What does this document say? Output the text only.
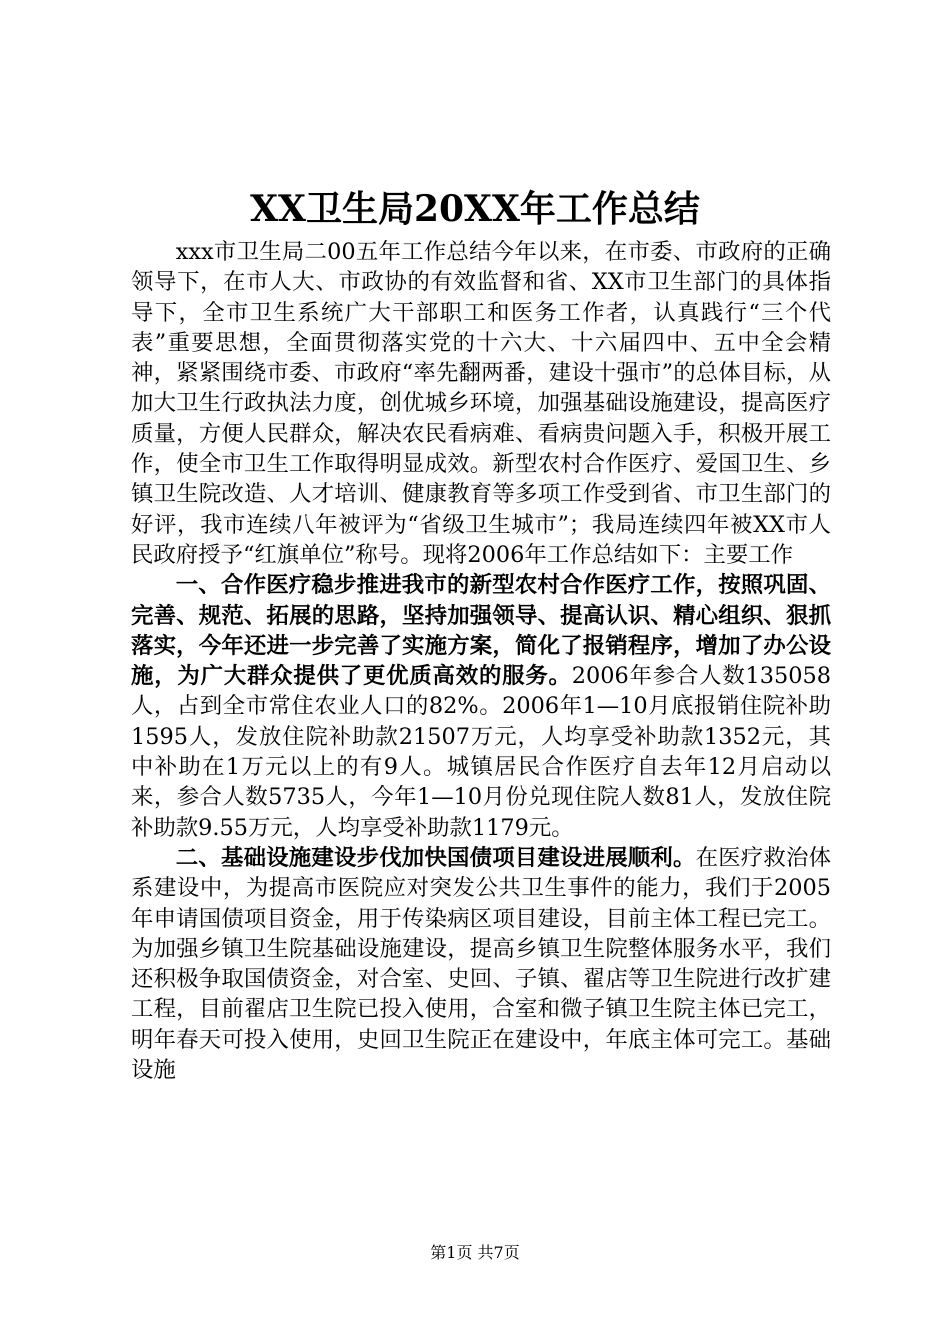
XX卫生局20XX年工作总结

xxx市卫生局二00五年工作总结今年以来，在市委、市政府的正确领导下，在市人大、市政协的有效监督和省、XX市卫生部门的具体指导下，全市卫生系统广大干部职工和医务工作者，认真践行“三个代表”重要思想，全面贯彻落实党的十六大、十六届四中、五中全会精神，紧紧围绕市委、市政府“率先翻两番，建设十强市”的总体目标，从加大卫生行政执法力度，创优城乡环境，加强基础设施建设，提高医疗质量，方便人民群众，解决农民看病难、看病贵问题入手，积极开展工作，使全市卫生工作取得明显成效。新型农村合作医疗、爱国卫生、乡镇卫生院改造、人才培训、健康教育等多项工作受到省、市卫生部门的好评，我市连续八年被评为“省级卫生城市”；我局连续四年被XX市人民政府授予“红旗单位”称号。现将2006年工作总结如下：主要工作

一、合作医疗稳步推进我市的新型农村合作医疗工作，按照巩固、完善、规范、拓展的思路，坚持加强领导、提高认识、精心组织、狠抓落实，今年还进一步完善了实施方案，简化了报销程序，增加了办公设施，为广大群众提供了更优质高效的服务。2006年参合人数135058人，占到全市常住农业人口的82%。2006年1—10月底报销住院补助1595人，发放住院补助款21507万元，人均享受补助款1352元，其中补助在1万元以上的有9人。城镇居民合作医疗自去年12月启动以来，参合人数5735人，今年1—10月份兑现住院人数81人，发放住院补助款9.55万元，人均享受补助款1179元。

二、基础设施建设步伐加快国债项目建设进展顺利。在医疗救治体系建设中，为提高市医院应对突发公共卫生事件的能力，我们于2005年申请国债项目资金，用于传染病区项目建设，目前主体工程已完工。为加强乡镇卫生院基础设施建设，提高乡镇卫生院整体服务水平，我们还积极争取国债资金，对合室、史回、子镇、翟店等卫生院进行改扩建工程，目前翟店卫生院已投入使用，合室和微子镇卫生院主体已完工，明年春天可投入使用，史回卫生院正在建设中，年底主体可完工。基础设施

第1页 共7页
